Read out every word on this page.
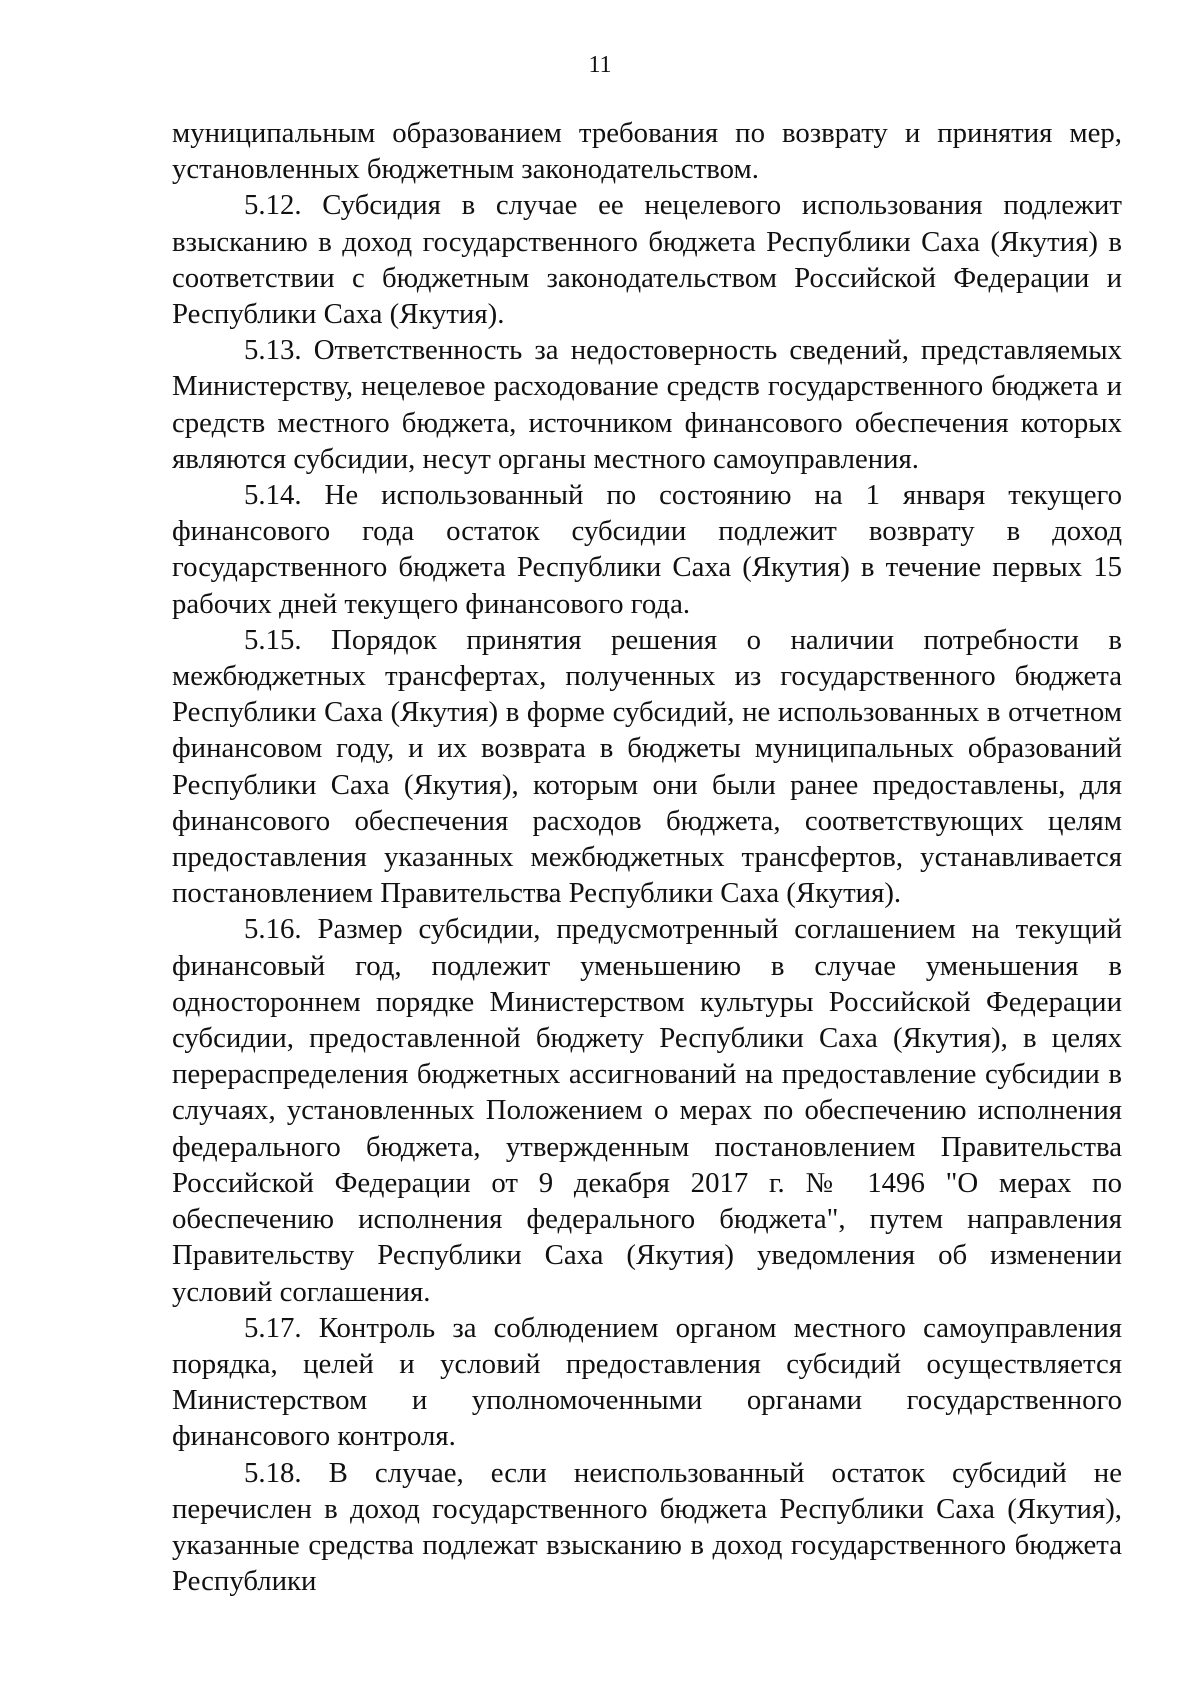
11

муниципальным образованием требования по возврату и принятия мер, установленных бюджетным законодательством.

5.12. Субсидия в случае ее нецелевого использования подлежит взысканию в доход государственного бюджета Республики Саха (Якутия) в соответствии с бюджетным законодательством Российской Федерации и Республики Саха (Якутия).

5.13. Ответственность за недостоверность сведений, представляемых Министерству, нецелевое расходование средств государственного бюджета и средств местного бюджета, источником финансового обеспечения которых являются субсидии, несут органы местного самоуправления.

5.14. Не использованный по состоянию на 1 января текущего финансового года остаток субсидии подлежит возврату в доход государственного бюджета Республики Саха (Якутия) в течение первых 15 рабочих дней текущего финансового года.

5.15. Порядок принятия решения о наличии потребности в межбюджетных трансфертах, полученных из государственного бюджета Республики Саха (Якутия) в форме субсидий, не использованных в отчетном финансовом году, и их возврата в бюджеты муниципальных образований Республики Саха (Якутия), которым они были ранее предоставлены, для финансового обеспечения расходов бюджета, соответствующих целям предоставления указанных межбюджетных трансфертов, устанавливается постановлением Правительства Республики Саха (Якутия).

5.16. Размер субсидии, предусмотренный соглашением на текущий финансовый год, подлежит уменьшению в случае уменьшения в одностороннем порядке Министерством культуры Российской Федерации субсидии, предоставленной бюджету Республики Саха (Якутия), в целях перераспределения бюджетных ассигнований на предоставление субсидии в случаях, установленных Положением о мерах по обеспечению исполнения федерального бюджета, утвержденным постановлением Правительства Российской Федерации от 9 декабря 2017 г. № 1496 "О мерах по обеспечению исполнения федерального бюджета", путем направления Правительству Республики Саха (Якутия) уведомления об изменении условий соглашения.

5.17. Контроль за соблюдением органом местного самоуправления порядка, целей и условий предоставления субсидий осуществляется Министерством и уполномоченными органами государственного финансового контроля.

5.18. В случае, если неиспользованный остаток субсидий не перечислен в доход государственного бюджета Республики Саха (Якутия), указанные средства подлежат взысканию в доход государственного бюджета Республики
